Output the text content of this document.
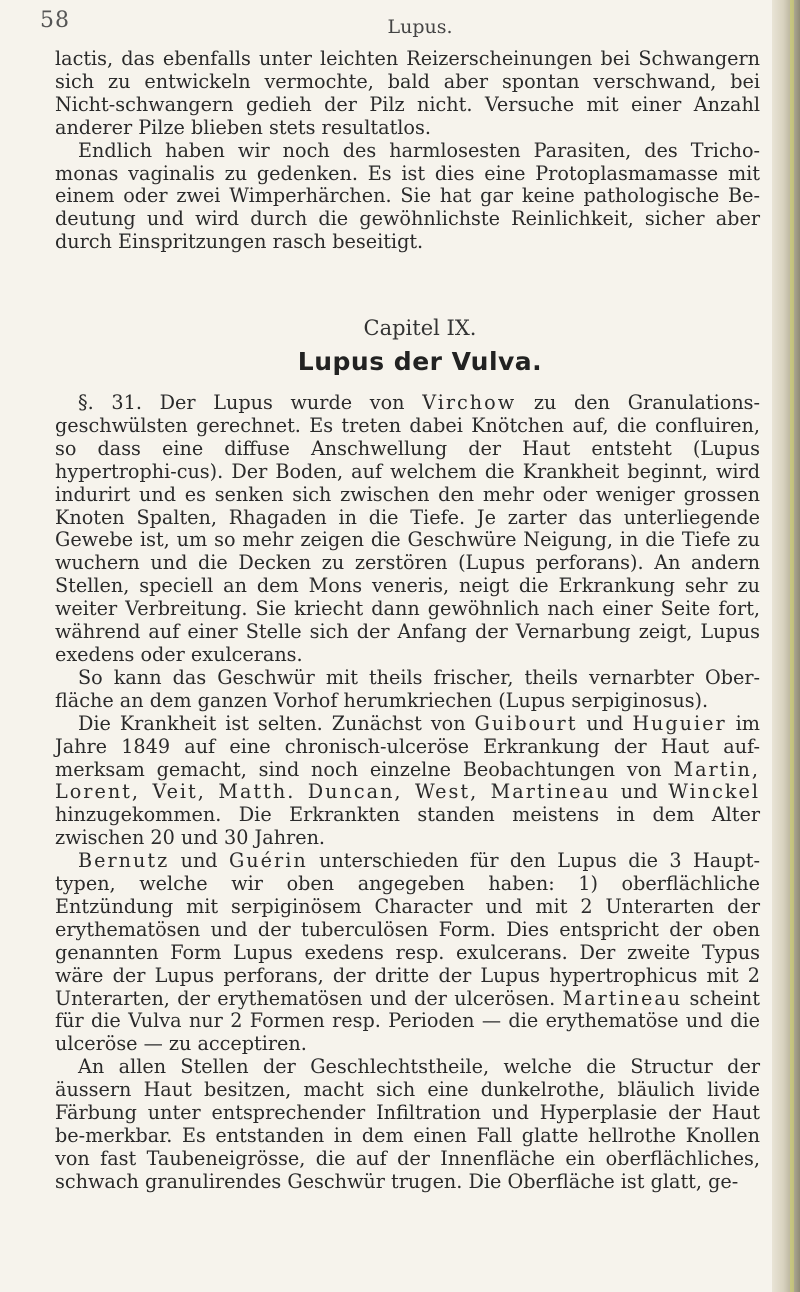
58	Lupus.

lactis, das ebenfalls unter leichten Reizerscheinungen bei Schwangern sich zu entwickeln vermochte, bald aber spontan verschwand, bei Nicht-schwangern gedieh der Pilz nicht. Versuche mit einer Anzahl anderer Pilze blieben stets resultatlos.

Endlich haben wir noch des harmlosesten Parasiten, des Tricho-monas vaginalis zu gedenken. Es ist dies eine Protoplasmamasse mit einem oder zwei Wimperhärchen. Sie hat gar keine pathologische Be-deutung und wird durch die gewöhnlichste Reinlichkeit, sicher aber durch Einspritzungen rasch beseitigt.

Capitel IX.
Lupus der Vulva.

§. 31. Der Lupus wurde von Virchow zu den Granulations-geschwülsten gerechnet. Es treten dabei Knötchen auf, die confluiren, so dass eine diffuse Anschwellung der Haut entsteht (Lupus hypertrophi-cus). Der Boden, auf welchem die Krankheit beginnt, wird indurirt und es senken sich zwischen den mehr oder weniger grossen Knoten Spalten, Rhagaden in die Tiefe. Je zarter das unterliegende Gewebe ist, um so mehr zeigen die Geschwüre Neigung, in die Tiefe zu wuchern und die Decken zu zerstören (Lupus perforans). An andern Stellen, speciell an dem Mons veneris, neigt die Erkrankung sehr zu weiter Verbreitung. Sie kriecht dann gewöhnlich nach einer Seite fort, während auf einer Stelle sich der Anfang der Vernarbung zeigt, Lupus exedens oder exulcerans.

So kann das Geschwür mit theils frischer, theils vernarbter Ober-fläche an dem ganzen Vorhof herumkriechen (Lupus serpiginosus).

Die Krankheit ist selten. Zunächst von Guibourt und Huguier im Jahre 1849 auf eine chronisch-ulceröse Erkrankung der Haut auf-merksam gemacht, sind noch einzelne Beobachtungen von Martin, Lorent, Veit, Matth. Duncan, West, Martineau und Winckel hinzugekommen. Die Erkrankten standen meistens in dem Alter zwischen 20 und 30 Jahren.

Bernutz und Guérin unterschieden für den Lupus die 3 Haupt-typen, welche wir oben angegeben haben: 1) oberflächliche Entzündung mit serpiginösem Character und mit 2 Unterarten der erythematösen und der tuberculösen Form. Dies entspricht der oben genannten Form Lupus exedens resp. exulcerans. Der zweite Typus wäre der Lupus perforans, der dritte der Lupus hypertrophicus mit 2 Unterarten, der erythematösen und der ulcerösen. Martineau scheint für die Vulva nur 2 Formen resp. Perioden — die erythematöse und die ulceröse — zu acceptiren.

An allen Stellen der Geschlechtstheile, welche die Structur der äussern Haut besitzen, macht sich eine dunkelrothe, bläulich livide Färbung unter entsprechender Infiltration und Hyperplasie der Haut be-merkbar. Es entstanden in dem einen Fall glatte hellrothe Knollen von fast Taubeneigrösse, die auf der Innenfläche ein oberflächliches, schwach granulirendes Geschwür trugen. Die Oberfläche ist glatt, ge-
